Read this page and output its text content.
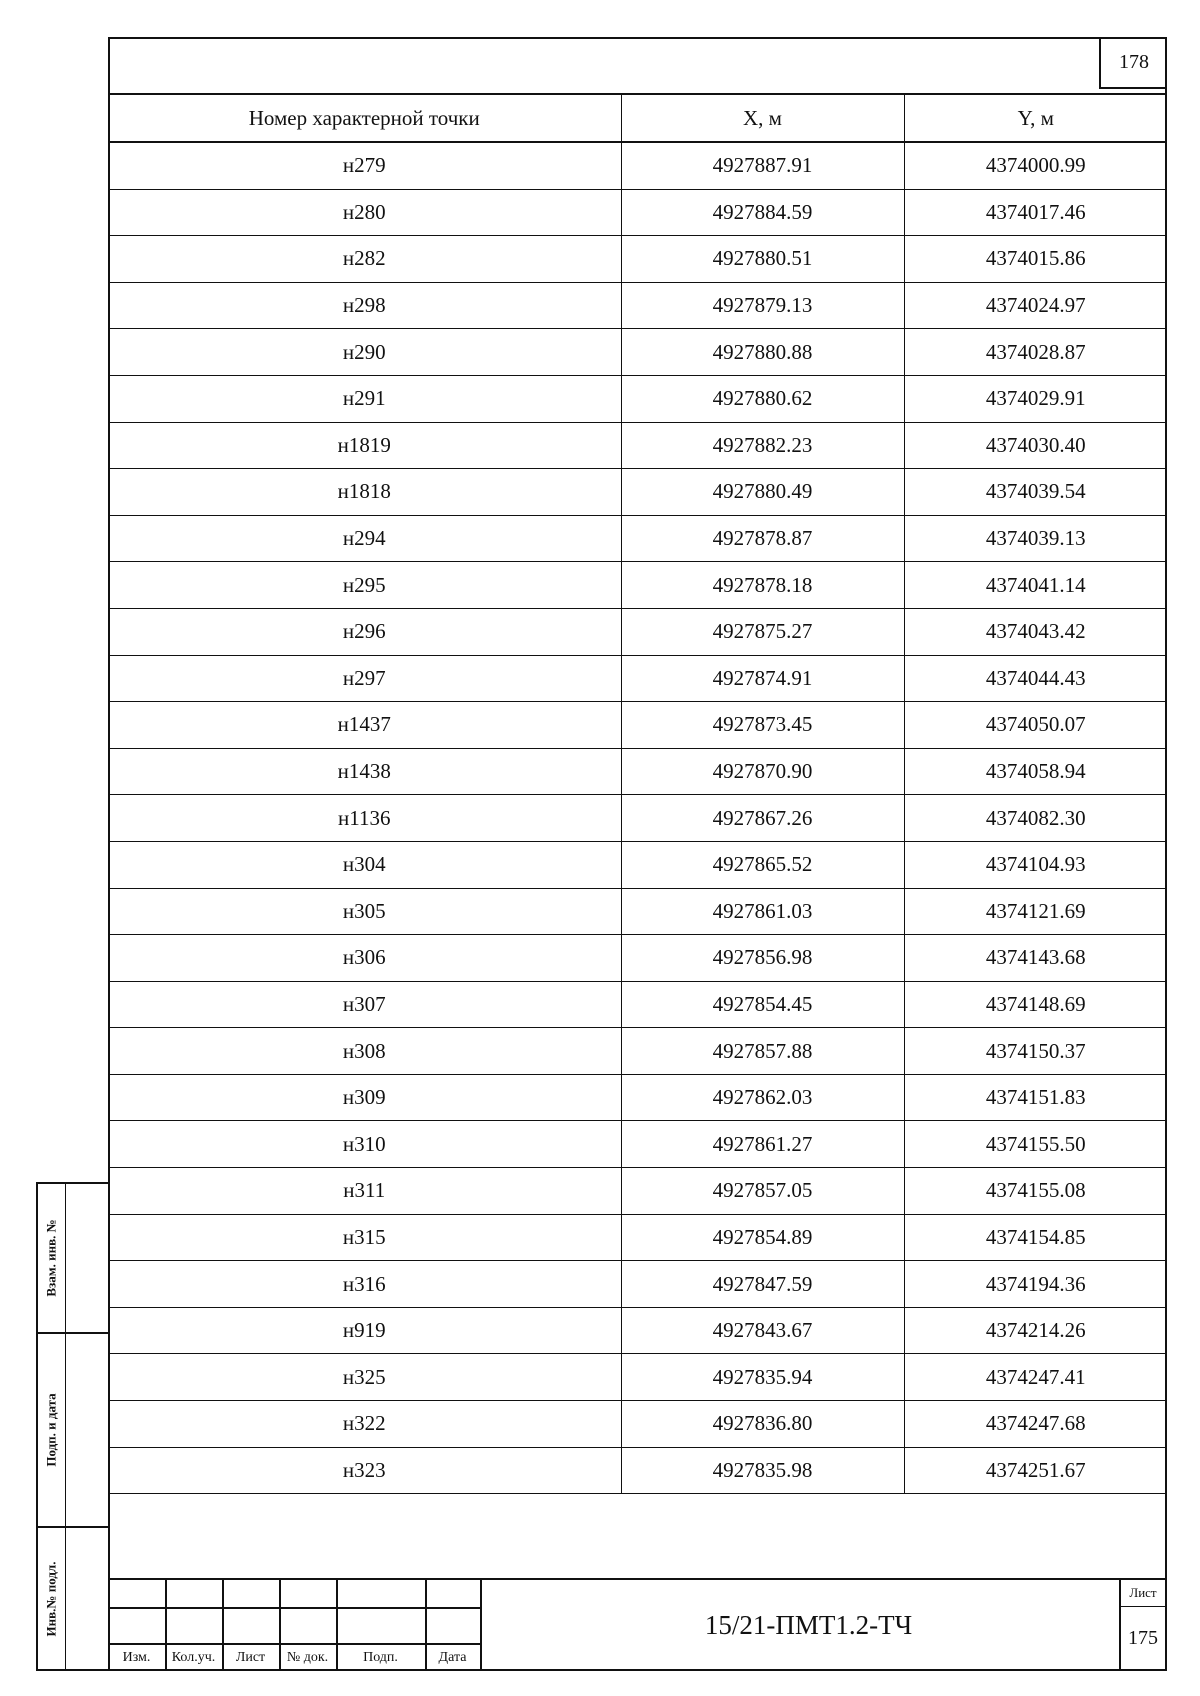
178
Номер характерной точки	X, м	Y, м
н279	4927887.91	4374000.99
н280	4927884.59	4374017.46
н282	4927880.51	4374015.86
н298	4927879.13	4374024.97
н290	4927880.88	4374028.87
н291	4927880.62	4374029.91
н1819	4927882.23	4374030.40
н1818	4927880.49	4374039.54
н294	4927878.87	4374039.13
н295	4927878.18	4374041.14
н296	4927875.27	4374043.42
н297	4927874.91	4374044.43
н1437	4927873.45	4374050.07
н1438	4927870.90	4374058.94
н1136	4927867.26	4374082.30
н304	4927865.52	4374104.93
н305	4927861.03	4374121.69
н306	4927856.98	4374143.68
н307	4927854.45	4374148.69
н308	4927857.88	4374150.37
н309	4927862.03	4374151.83
н310	4927861.27	4374155.50
н311	4927857.05	4374155.08
н315	4927854.89	4374154.85
н316	4927847.59	4374194.36
н919	4927843.67	4374214.26
н325	4927835.94	4374247.41
н322	4927836.80	4374247.68
н323	4927835.98	4374251.67
Взам. инв. №
Подп. и дата
Инв.№ подл.
Изм.	Кол.уч.	Лист	№ док.	Подп.	Дата
15/21-ПМТ1.2-ТЧ
Лист
175
